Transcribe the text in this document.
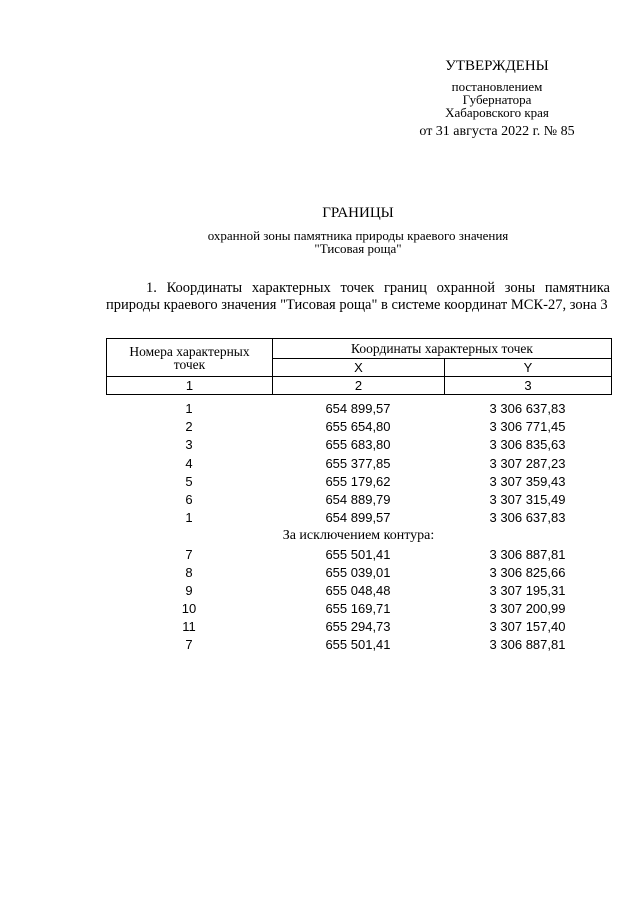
УТВЕРЖДЕНЫ
постановлением
Губернатора
Хабаровского края
от 31 августа 2022 г. № 85
ГРАНИЦЫ
охранной зоны памятника природы краевого значения
"Тисовая роща"

1. Координаты характерных точек границ охранной зоны памятника природы краевого значения "Тисовая роща" в системе координат МСК-27, зона 3

Номера характерных
точек	Координаты характерных точек	
	X	Y
1	2	3
1	654 899,57	3 306 637,83
2	655 654,80	3 306 771,45
3	655 683,80	3 306 835,63
4	655 377,85	3 307 287,23
5	655 179,62	3 307 359,43
6	654 889,79	3 307 315,49
1	654 899,57	3 306 637,83
За исключением контура:
7	655 501,41	3 306 887,81
8	655 039,01	3 306 825,66
9	655 048,48	3 307 195,31
10	655 169,71	3 307 200,99
11	655 294,73	3 307 157,40
7	655 501,41	3 306 887,81
